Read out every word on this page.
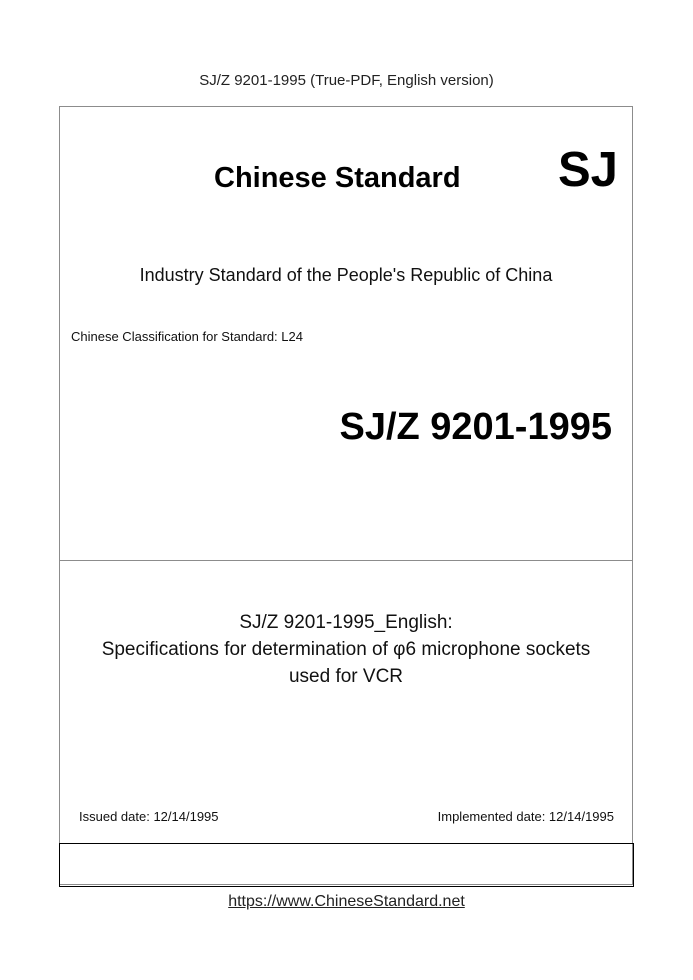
SJ/Z 9201-1995 (True-PDF, English version)
Chinese Standard SJ
Industry Standard of the People's Republic of China
Chinese Classification for Standard: L24
SJ/Z 9201-1995
SJ/Z 9201-1995_English:
Specifications for determination of φ6 microphone sockets
used for VCR
Issued date: 12/14/1995	Implemented date: 12/14/1995
https://www.ChineseStandard.net
